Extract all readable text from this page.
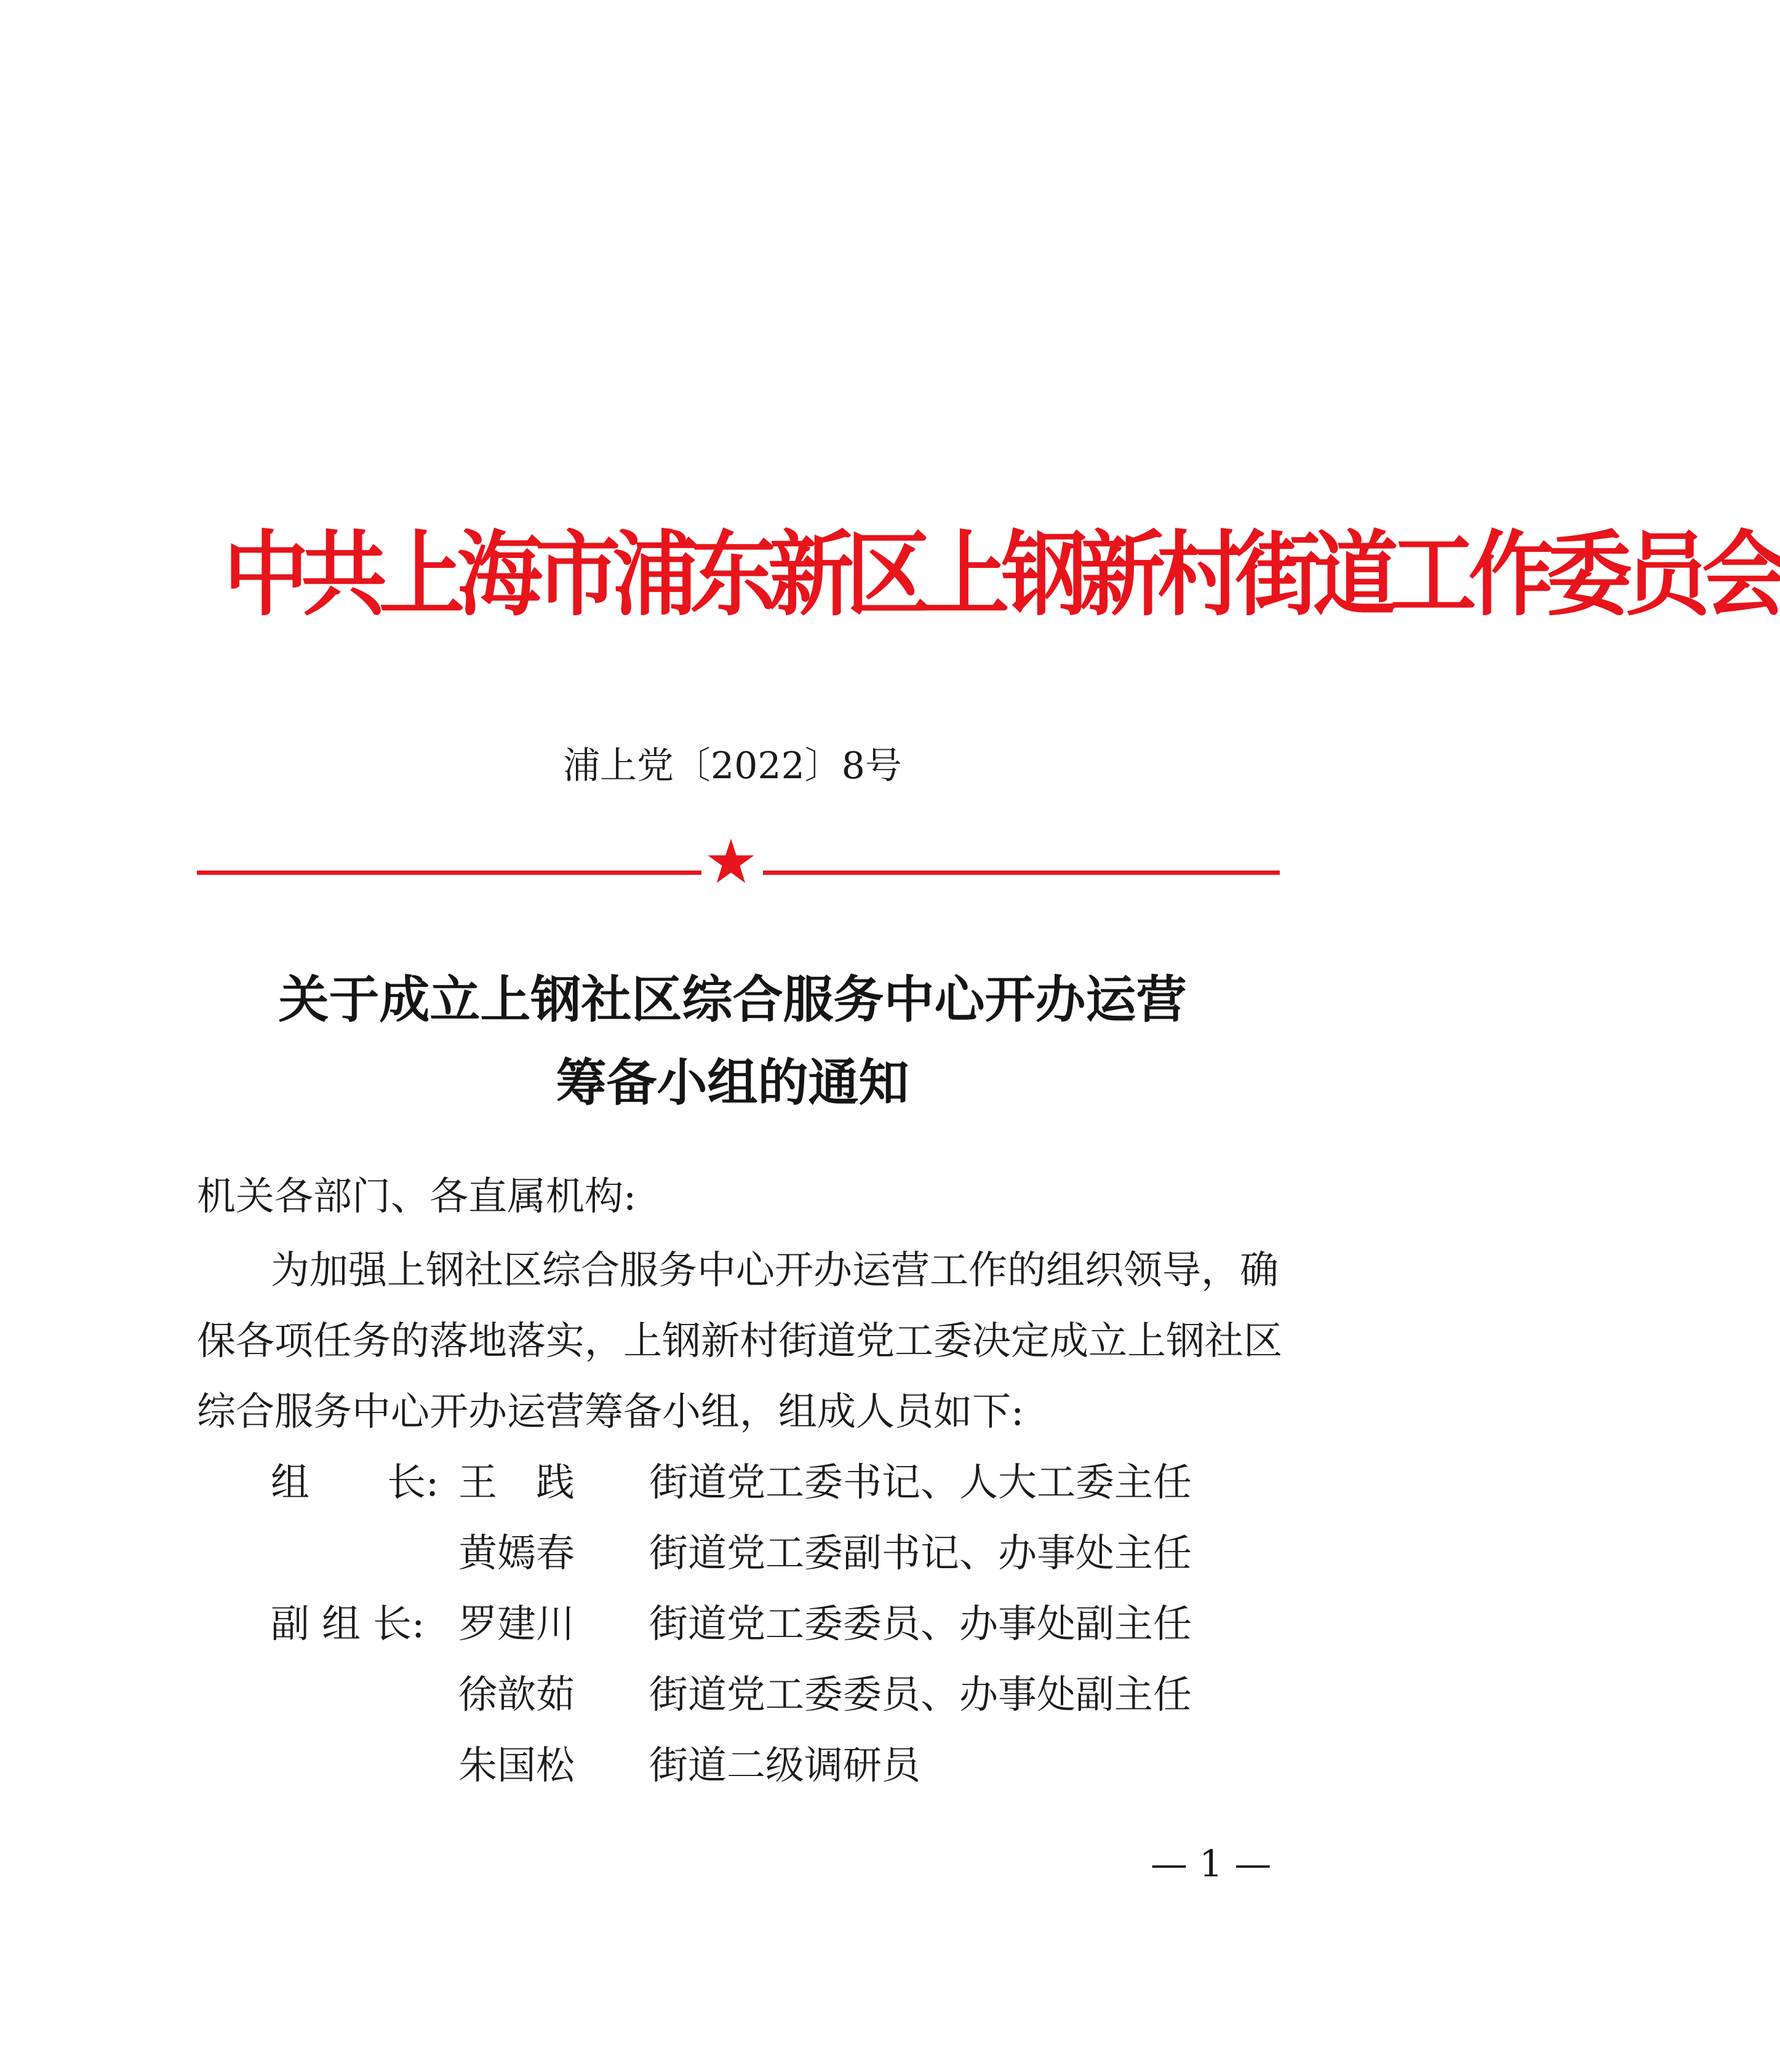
中共上海市浦东新区上钢新村街道工作委员会
浦上党〔2022〕8号
关于成立上钢社区综合服务中心开办运营
筹备小组的通知
机关各部门、各直属机构:
为加强上钢社区综合服务中心开办运营工作的组织领导，确
保各项任务的落地落实，上钢新村街道党工委决定成立上钢社区
综合服务中心开办运营筹备小组，组成人员如下:
组　　长: 王　践 街道党工委书记、人大工委主任
黄嫣春 街道党工委副书记、办事处主任
副 组 长: 罗建川 街道党工委委员、办事处副主任
徐歆茹 街道党工委委员、办事处副主任
朱国松 街道二级调研员
— 1 —
